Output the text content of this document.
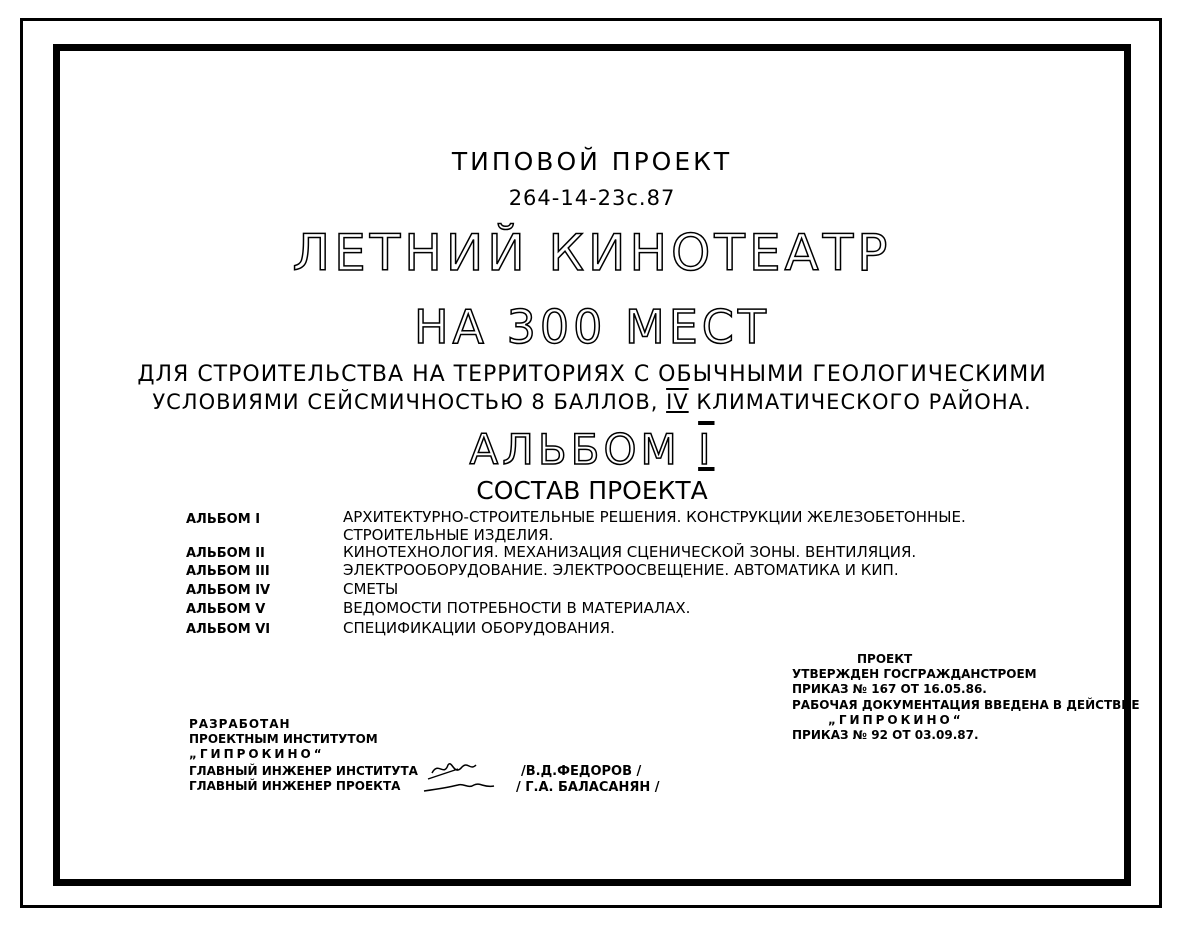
ТИПОВОЙ ПРОЕКТ
264-14-23с.87
ЛЕТНИЙ КИНОТЕАТР
НА 300 МЕСТ
ДЛЯ СТРОИТЕЛЬСТВА НА ТЕРРИТОРИЯХ С ОБЫЧНЫМИ ГЕОЛОГИЧЕСКИМИ
УСЛОВИЯМИ СЕЙСМИЧНОСТЬЮ 8 БАЛЛОВ, IV КЛИМАТИЧЕСКОГО РАЙОНА.
АЛЬБОМ I
СОСТАВ ПРОЕКТА
АЛЬБОМ I	АРХИТЕКТУРНО-СТРОИТЕЛЬНЫЕ РЕШЕНИЯ. КОНСТРУКЦИИ ЖЕЛЕЗОБЕТОННЫЕ.
СТРОИТЕЛЬНЫЕ ИЗДЕЛИЯ.
АЛЬБОМ II	КИНОТЕХНОЛОГИЯ. МЕХАНИЗАЦИЯ СЦЕНИЧЕСКОЙ ЗОНЫ. ВЕНТИЛЯЦИЯ.
АЛЬБОМ III	ЭЛЕКТРООБОРУДОВАНИЕ. ЭЛЕКТРООСВЕЩЕНИЕ. АВТОМАТИКА И КИП.
АЛЬБОМ IV	СМЕТЫ
АЛЬБОМ V	ВЕДОМОСТИ ПОТРЕБНОСТИ В МАТЕРИАЛАХ.
АЛЬБОМ VI	СПЕЦИФИКАЦИИ ОБОРУДОВАНИЯ.
ПРОЕКТ
УТВЕРЖДЕН ГОСГРАЖДАНСТРОЕМ
ПРИКАЗ № 167 ОТ 16.05.86.
РАБОЧАЯ ДОКУМЕНТАЦИЯ ВВЕДЕНА В ДЕЙСТВИЕ
„ГИПРОКИНО“
ПРИКАЗ № 92 ОТ 03.09.87.
РАЗРАБОТАН
ПРОЕКТНЫМ ИНСТИТУТОМ
„ГИПРОКИНО“
ГЛАВНЫЙ ИНЖЕНЕР ИНСТИТУТА
ГЛАВНЫЙ ИНЖЕНЕР ПРОЕКТА
/В.Д.ФЕДОРОВ /
/ Г.А. БАЛАСАНЯН /
